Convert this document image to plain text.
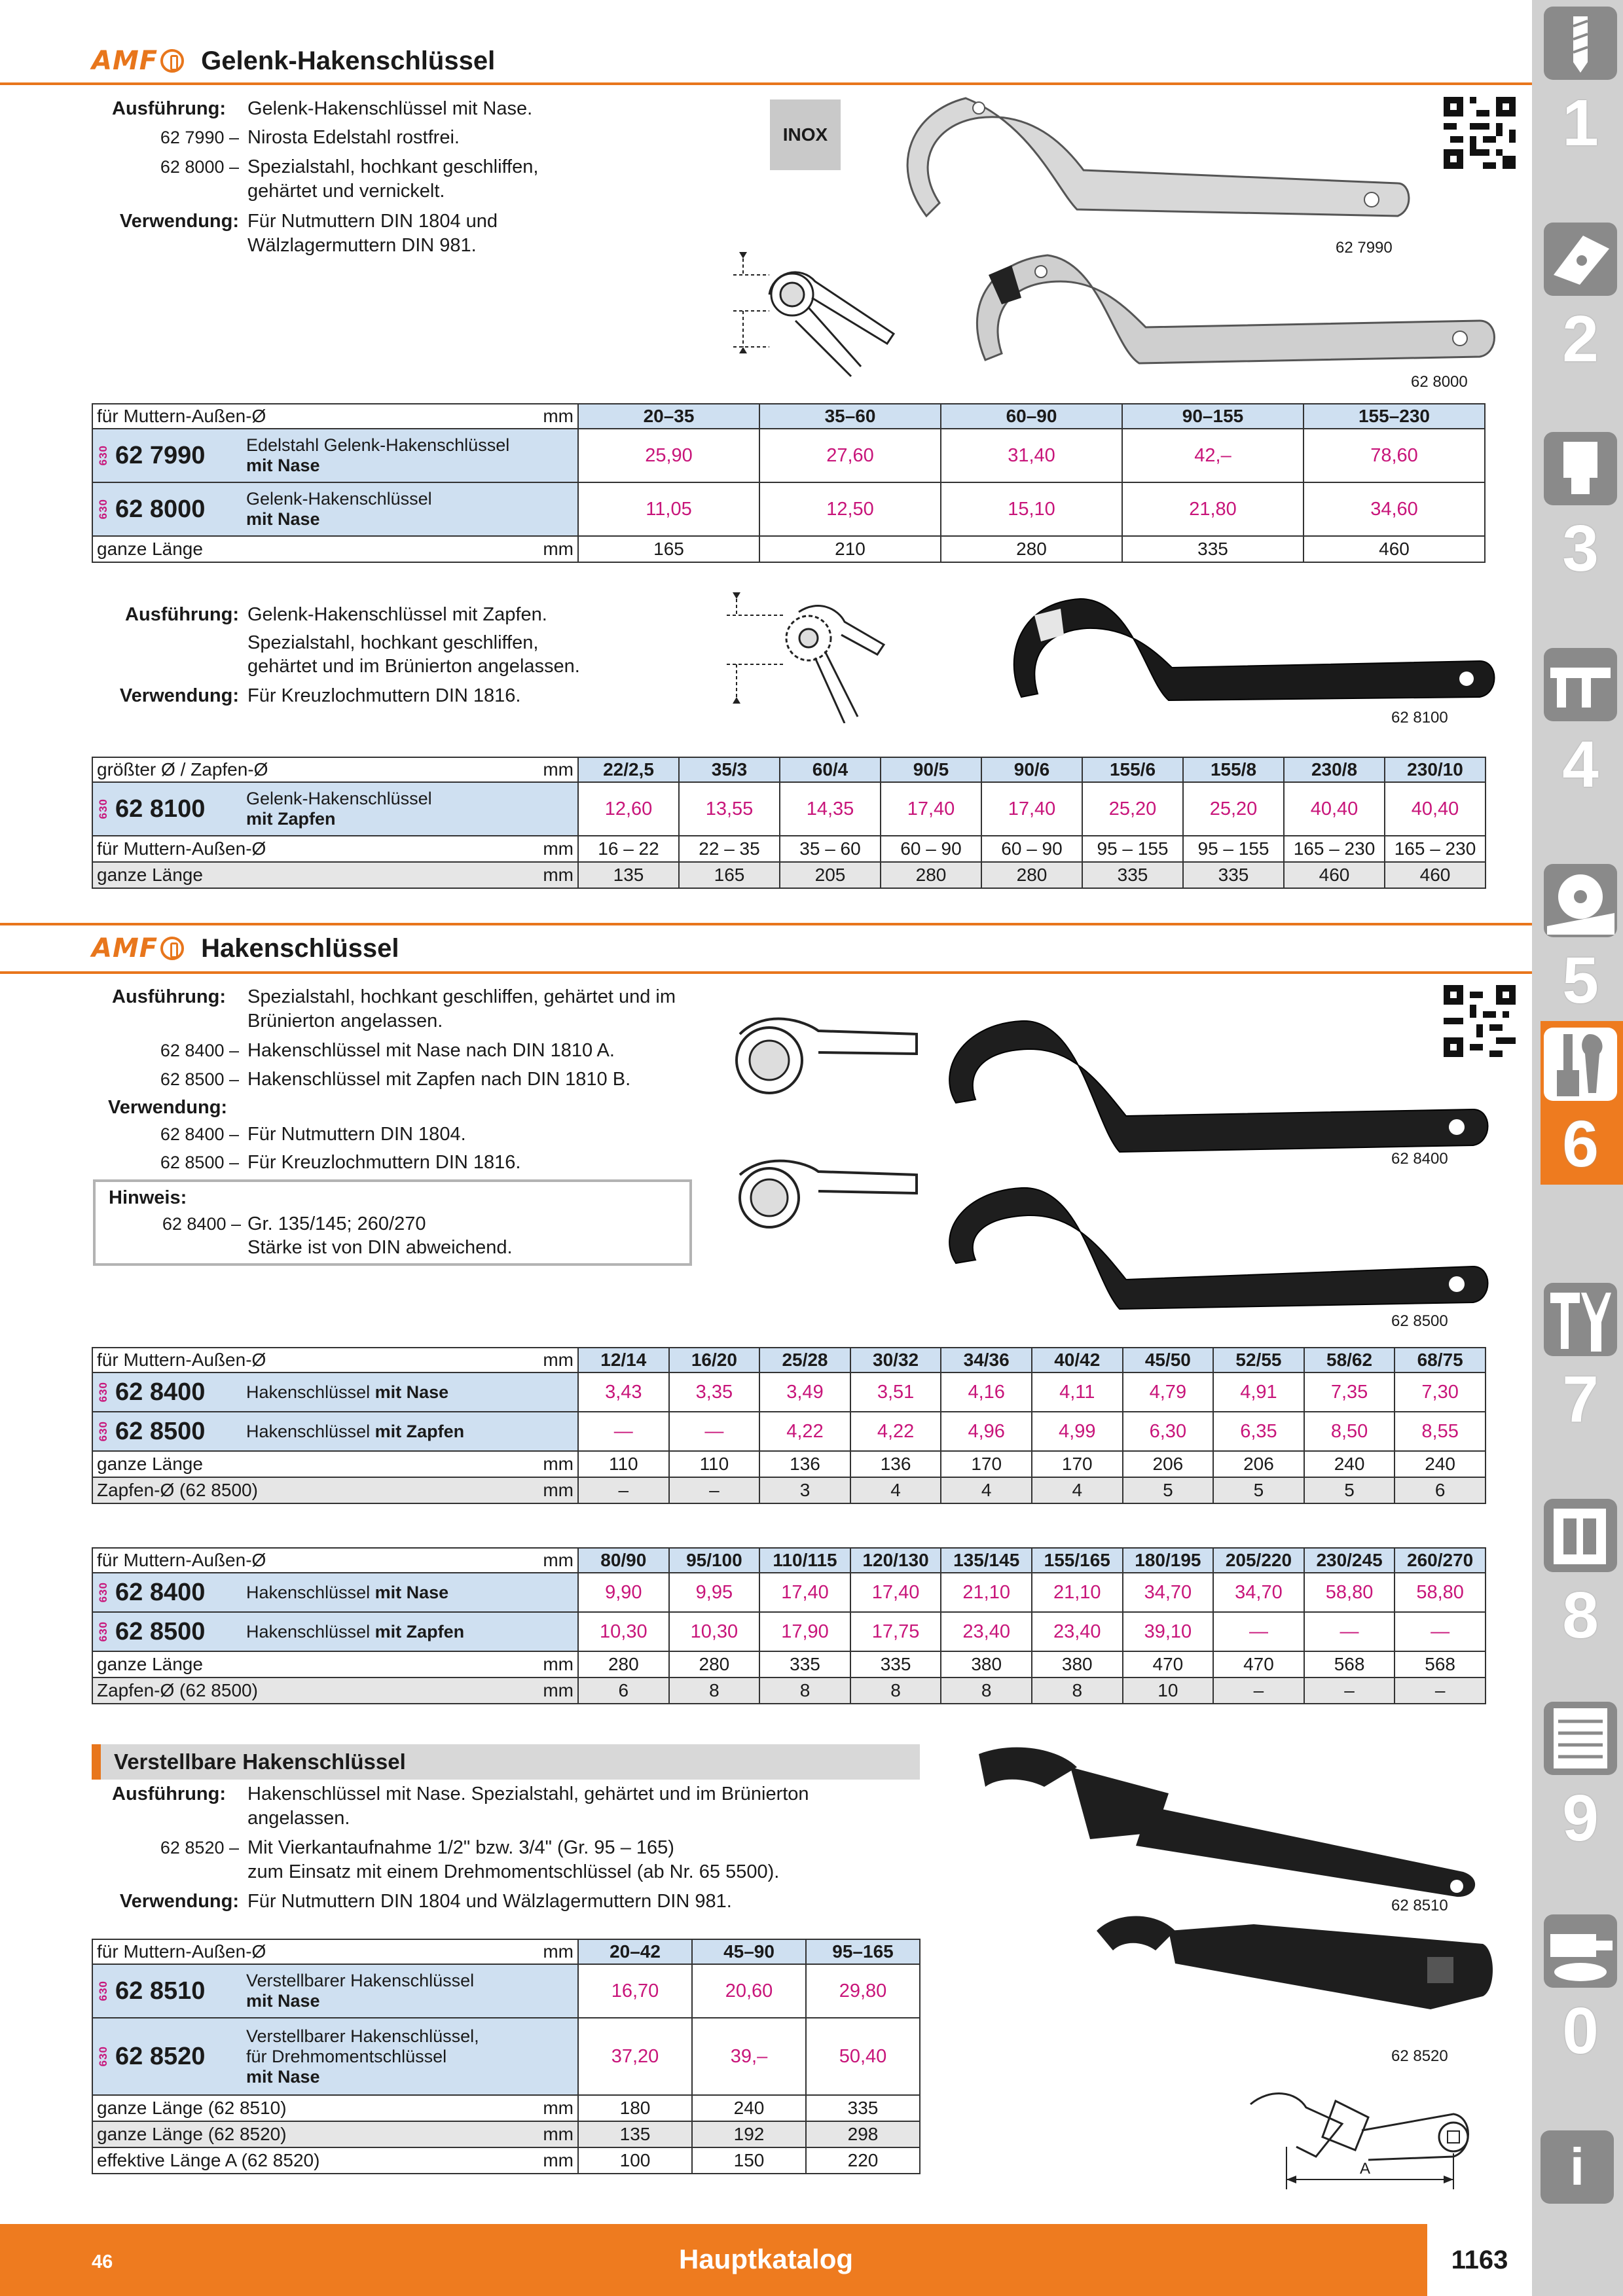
AMF Gelenk-Hakenschlüssel
Ausführung: Gelenk-Hakenschlüssel mit Nase.
62 7990 – Nirosta Edelstahl rostfrei.
62 8000 – Spezialstahl, hochkant geschliffen,
gehärtet und vernickelt.
Verwendung: Für Nutmuttern DIN 1804 und
Wälzlagermuttern DIN 981.
INOX
62 7990
62 8000
für Muttern-Außen-Ø mm	20–35	35–60	60–90	90–155	155–230

630 62 7990 Edelstahl Gelenk-Hakenschlüssel
mit Nase	25,90	27,60	31,40	42,–	78,60

630 62 8000 Gelenk-Hakenschlüssel
mit Nase	11,05	12,50	15,10	21,80	34,60
ganze Länge mm	165	210	280	335	460
Ausführung: Gelenk-Hakenschlüssel mit Zapfen.
Spezialstahl, hochkant geschliffen,
gehärtet und im Brünierton angelassen.
Verwendung: Für Kreuzlochmuttern DIN 1816.
62 8100
größter Ø / Zapfen-Ø mm	22/2,5	35/3	60/4	90/5	90/6	155/6	155/8	230/8	230/10

630 62 8100 Gelenk-Hakenschlüssel
mit Zapfen	12,60	13,55	14,35	17,40	17,40	25,20	25,20	40,40	40,40
für Muttern-Außen-Ø mm	16 – 22	22 – 35	35 – 60	60 – 90	60 – 90	95 – 155	95 – 155	165 – 230	165 – 230
ganze Länge mm	135	165	205	280	280	335	335	460	460
AMF Hakenschlüssel
Ausführung: Spezialstahl, hochkant geschliffen, gehärtet und im
Brünierton angelassen.
62 8400 – Hakenschlüssel mit Nase nach DIN 1810 A.
62 8500 – Hakenschlüssel mit Zapfen nach DIN 1810 B.
Verwendung:
62 8400 – Für Nutmuttern DIN 1804.
62 8500 – Für Kreuzlochmuttern DIN 1816.
Hinweis:
62 8400 – Gr. 135/145; 260/270
Stärke ist von DIN abweichend.
62 8400
62 8500
für Muttern-Außen-Ø mm	12/14	16/20	25/28	30/32	34/36	40/42	45/50	52/55	58/62	68/75

630 62 8400 Hakenschlüssel mit Nase	3,43	3,35	3,49	3,51	4,16	4,11	4,79	4,91	7,35	7,30

630 62 8500 Hakenschlüssel mit Zapfen	—	—	4,22	4,22	4,96	4,99	6,30	6,35	8,50	8,55
ganze Länge mm	110	110	136	136	170	170	206	206	240	240
Zapfen-Ø (62 8500) mm	–	–	3	4	4	4	5	5	5	6
für Muttern-Außen-Ø mm	80/90	95/100	110/115	120/130	135/145	155/165	180/195	205/220	230/245	260/270

630 62 8400 Hakenschlüssel mit Nase	9,90	9,95	17,40	17,40	21,10	21,10	34,70	34,70	58,80	58,80

630 62 8500 Hakenschlüssel mit Zapfen	10,30	10,30	17,90	17,75	23,40	23,40	39,10	—	—	—
ganze Länge mm	280	280	335	335	380	380	470	470	568	568
Zapfen-Ø (62 8500) mm	6	8	8	8	8	8	10	–	–	–
Verstellbare Hakenschlüssel
Ausführung: Hakenschlüssel mit Nase. Spezialstahl, gehärtet und im Brünierton
angelassen.
62 8520 – Mit Vierkantaufnahme 1/2" bzw. 3/4" (Gr. 95 – 165)
zum Einsatz mit einem Drehmomentschlüssel (ab Nr. 65 5500).
Verwendung: Für Nutmuttern DIN 1804 und Wälzlagermuttern DIN 981.	62 8510
62 8520
A
für Muttern-Außen-Ø mm	20–42	45–90	95–165

630 62 8510 Verstellbarer Hakenschlüssel
mit Nase	16,70	20,60	29,80

630 62 8520
Verstellbarer Hakenschlüssel,
für Drehmomentschlüssel
mit Nase	37,20	39,–	50,40
ganze Länge (62 8510) mm	180	240	335
ganze Länge (62 8520) mm	135	192	298
effektive Länge A (62 8520) mm	100	150	220
46	Hauptkatalog	1163
1
2
3
4
5
6
7
8
9
0
i
